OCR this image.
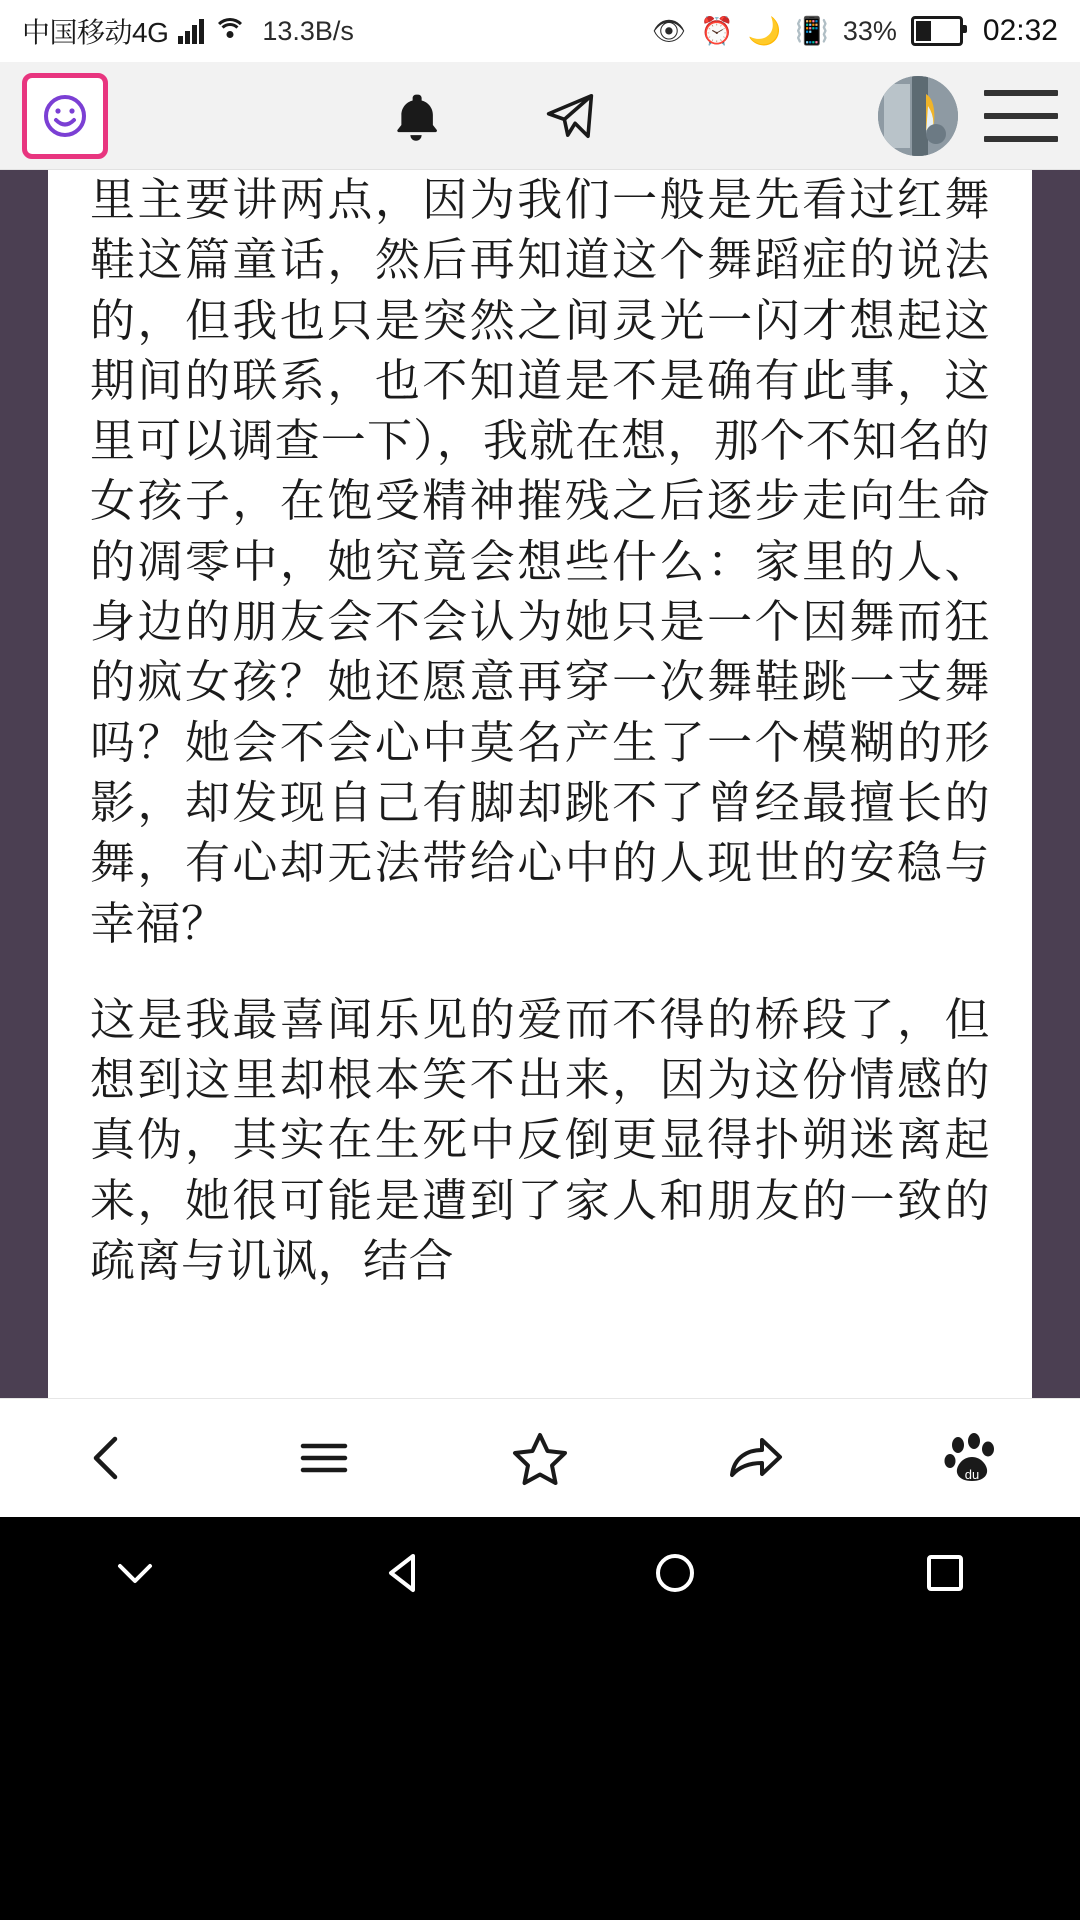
中国移动4G	13.3B/s	👁 ⏰ 🌙 📳 33%	02:32

里主要讲两点，因为我们一般是先看过红舞鞋这篇童话，然后再知道这个舞蹈症的说法的，但我也只是突然之间灵光一闪才想起这期间的联系，也不知道是不是确有此事，这里可以调查一下），我就在想，那个不知名的女孩子，在饱受精神摧残之后逐步走向生命的凋零中，她究竟会想些什么：家里的人、身边的朋友会不会认为她只是一个因舞而狂的疯女孩？她还愿意再穿一次舞鞋跳一支舞吗？她会不会心中莫名产生了一个模糊的形影，却发现自己有脚却跳不了曾经最擅长的舞，有心却无法带给心中的人现世的安稳与幸福？

这是我最喜闻乐见的爱而不得的桥段了，但想到这里却根本笑不出来，因为这份情感的真伪，其实在生死中反倒更显得扑朔迷离起来，她很可能是遭到了家人和朋友的一致的疏离与讥讽，结合

du
